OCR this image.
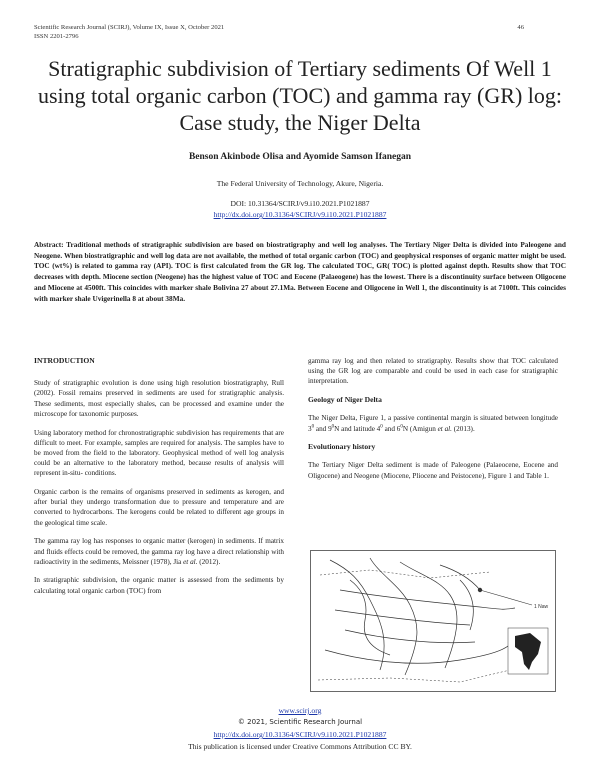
Scientific Research Journal (SCIRJ), Volume IX, Issue X, October 2021
ISSN 2201-2796
46
Stratigraphic subdivision of Tertiary sediments Of Well 1 using total organic carbon (TOC) and gamma ray (GR) log: Case study, the Niger Delta
Benson Akinbode Olisa and Ayomide Samson Ifanegan
The Federal University of Technology, Akure, Nigeria.
DOI: 10.31364/SCIRJ/v9.i10.2021.P1021887
http://dx.doi.org/10.31364/SCIRJ/v9.i10.2021.P1021887
Abstract: Traditional methods of stratigraphic subdivision are based on biostratigraphy and well log analyses. The Tertiary Niger Delta is divided into Paleogene and Neogene. When biostratigraphic and well log data are not available, the method of total organic carbon (TOC) and geophysical responses of organic matter might be used. TOC (wt%) is related to gamma ray (API). TOC is first calculated from the GR log. The calculated TOC, GR( TOC) is plotted against depth. Results show that TOC decreases with depth. Miocene section (Neogene) has the highest value of TOC and Eocene (Palaeogene) has the lowest. There is a discontinuity surface between Oligocene and Miocene at 4500ft. This coincides with marker shale Bolivina 27 about 27.1Ma. Between Eocene and Oligocene in Well 1, the discontinuity is at 7100ft. This coincides with marker shale Uvigerinella 8 at about 38Ma.
INTRODUCTION

Study of stratigraphic evolution is done using high resolution biostratigraphy, Rull (2002). Fossil remains preserved in sediments are used for stratigraphic analysis. These sediments, most especially shales, can be processed and examine under the microscope for taxonomic purposes.

Using laboratory method for chronostratigraphic subdivision has requirements that are difficult to meet. For example, samples are required for analysis. The samples have to be moved from the field to the laboratory. Geophysical method of well log analysis could be an alternative to the laboratory method, because results of analysis will represent in-situ- conditions.

Organic carbon is the remains of organisms preserved in sediments as kerogen, and after burial they undergo transformation due to pressure and temperature and are converted to hydrocarbons. The kerogens could be related to different age groups in the geological time scale.

The gamma ray log has responses to organic matter (kerogen) in sediments. If matrix and fluids effects could be removed, the gamma ray log have a direct relationship with radioactivity in the sediments, Meissner (1978), Jia et al. (2012).

In stratigraphic subdivision, the organic matter is assessed from the sediments by calculating total organic carbon (TOC) from

gamma ray log and then related to stratigraphy. Results show that TOC calculated using the GR log are comparable and could be used in each case for stratigraphic interpretation.

Geology of Niger Delta

The Niger Delta, Figure 1, a passive continental margin is situated between longitude $3^0$ and $9^0N$ and latitude $4^0$ and $6^0N$ (Amigun et al. (2013).

Evolutionary history

The Tertiary Niger Delta sediment is made of Paleogene (Palaeocene, Eocene and Oligocene) and Neogene (Miocene, Pliocene and Peistocene), Figure 1 and Table 1.

1 Naw
www.scirj.org
© 2021, Scientific Research Journal
http://dx.doi.org/10.31364/SCIRJ/v9.i10.2021.P1021887
This publication is licensed under Creative Commons Attribution CC BY.
